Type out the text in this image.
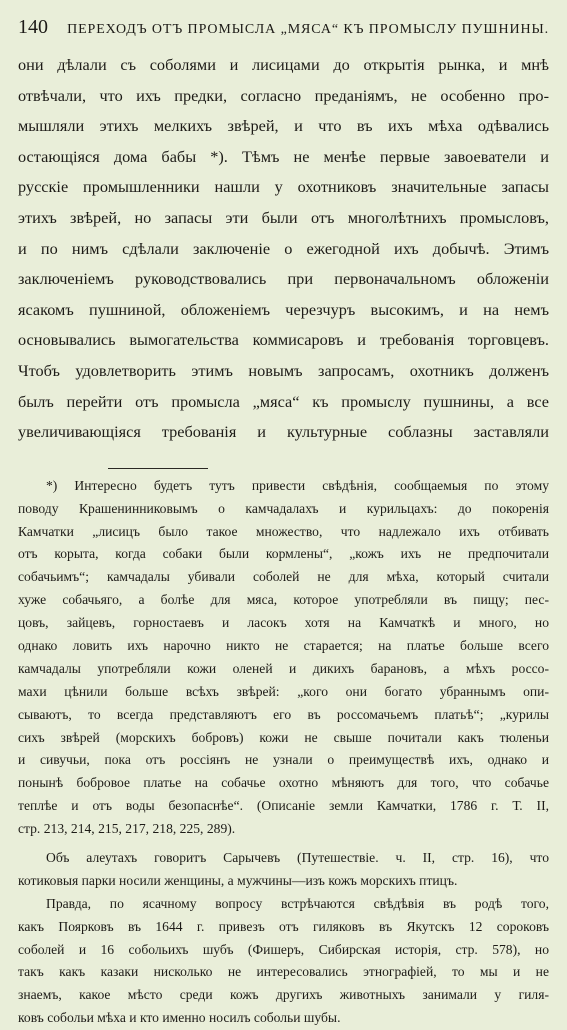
140	ПЕРЕХОДЪ ОТЪ ПРОМЫСЛА „МЯСА“ КЪ ПРОМЫСЛУ ПУШНИНЫ.
они дѣлали съ соболями и лисицами до открытія рынка, и мнѣ
отвѣчали, что ихъ предки, согласно преданіямъ, не особенно про-
мышляли этихъ мелкихъ звѣрей, и что въ ихъ мѣха одѣвались
остающіяся дома бабы *). Тѣмъ не менѣе первые завоеватели и
русскіе промышленники нашли у охотниковъ значительные запасы
этихъ звѣрей, но запасы эти были отъ многолѣтнихъ промысловъ,
и по нимъ сдѣлали заключеніе о ежегодной ихъ добычѣ. Этимъ
заключеніемъ руководствовались при первоначальномъ обложеніи
ясакомъ пушниной, обложеніемъ черезчуръ высокимъ, и на немъ
основывались вымогательства коммисаровъ и требованія торговцевъ.
Чтобъ удовлетворить этимъ новымъ запросамъ, охотникъ долженъ
былъ перейти отъ промысла „мяса“ къ промыслу пушнины, а все
увеличивающіяся требованія и культурные соблазны заставляли
*) Интересно будетъ тутъ привести свѣдѣнія, сообщаемыя по этому
поводу Крашенинниковымъ о камчадалахъ и курильцахъ: до покоренія
Камчатки „лисицъ было такое множество, что надлежало ихъ отбивать
отъ корыта, когда собаки были кормлены“, „кожъ ихъ не предпочитали
собачьимъ“; камчадалы убивали соболей не для мѣха, который считали
хуже собачьяго, а болѣе для мяса, которое употребляли въ пищу; пес-
цовъ, зайцевъ, горностаевъ и ласокъ хотя на Камчаткѣ и много, но
однако ловить ихъ нарочно никто не старается; на платье больше всего
камчадалы употребляли кожи оленей и дикихъ барановъ, а мѣхъ россо-
махи цѣнили больше всѣхъ звѣрей: „кого они богато убраннымъ опи-
сываютъ, то всегда представляютъ его въ россомачьемъ платьѣ“; „курилы
сихъ звѣрей (морскихъ бобровъ) кожи не свыше почитали какъ тюленьи
и сивучьи, пока отъ россіянъ не узнали о преимуществѣ ихъ, однако и
понынѣ бобровое платье на собачье охотно мѣняютъ для того, что собачье
теплѣе и отъ воды безопаснѣе“. (Описаніе земли Камчатки, 1786 г. Т. II,
стр. 213, 214, 215, 217, 218, 225, 289).
Объ алеутахъ говоритъ Сарычевъ (Путешествіе. ч. II, стр. 16), что
котиковыя парки носили женщины, а мужчины—изъ кожъ морскихъ птицъ.
Правда, по ясачному вопросу встрѣчаются свѣдѣвія въ родѣ того,
какъ Поярковъ въ 1644 г. привезъ отъ гиляковъ въ Якутскъ 12 сороковъ
соболей и 16 собольихъ шубъ (Фишеръ, Сибирская исторія, стр. 578), но
такъ какъ казаки нисколько не интересовались этнографіей, то мы и не
знаемъ, какое мѣсто среди кожъ другихъ животныхъ занимали у гиля-
ковъ собольи мѣха и кто именно носилъ собольи шубы.
